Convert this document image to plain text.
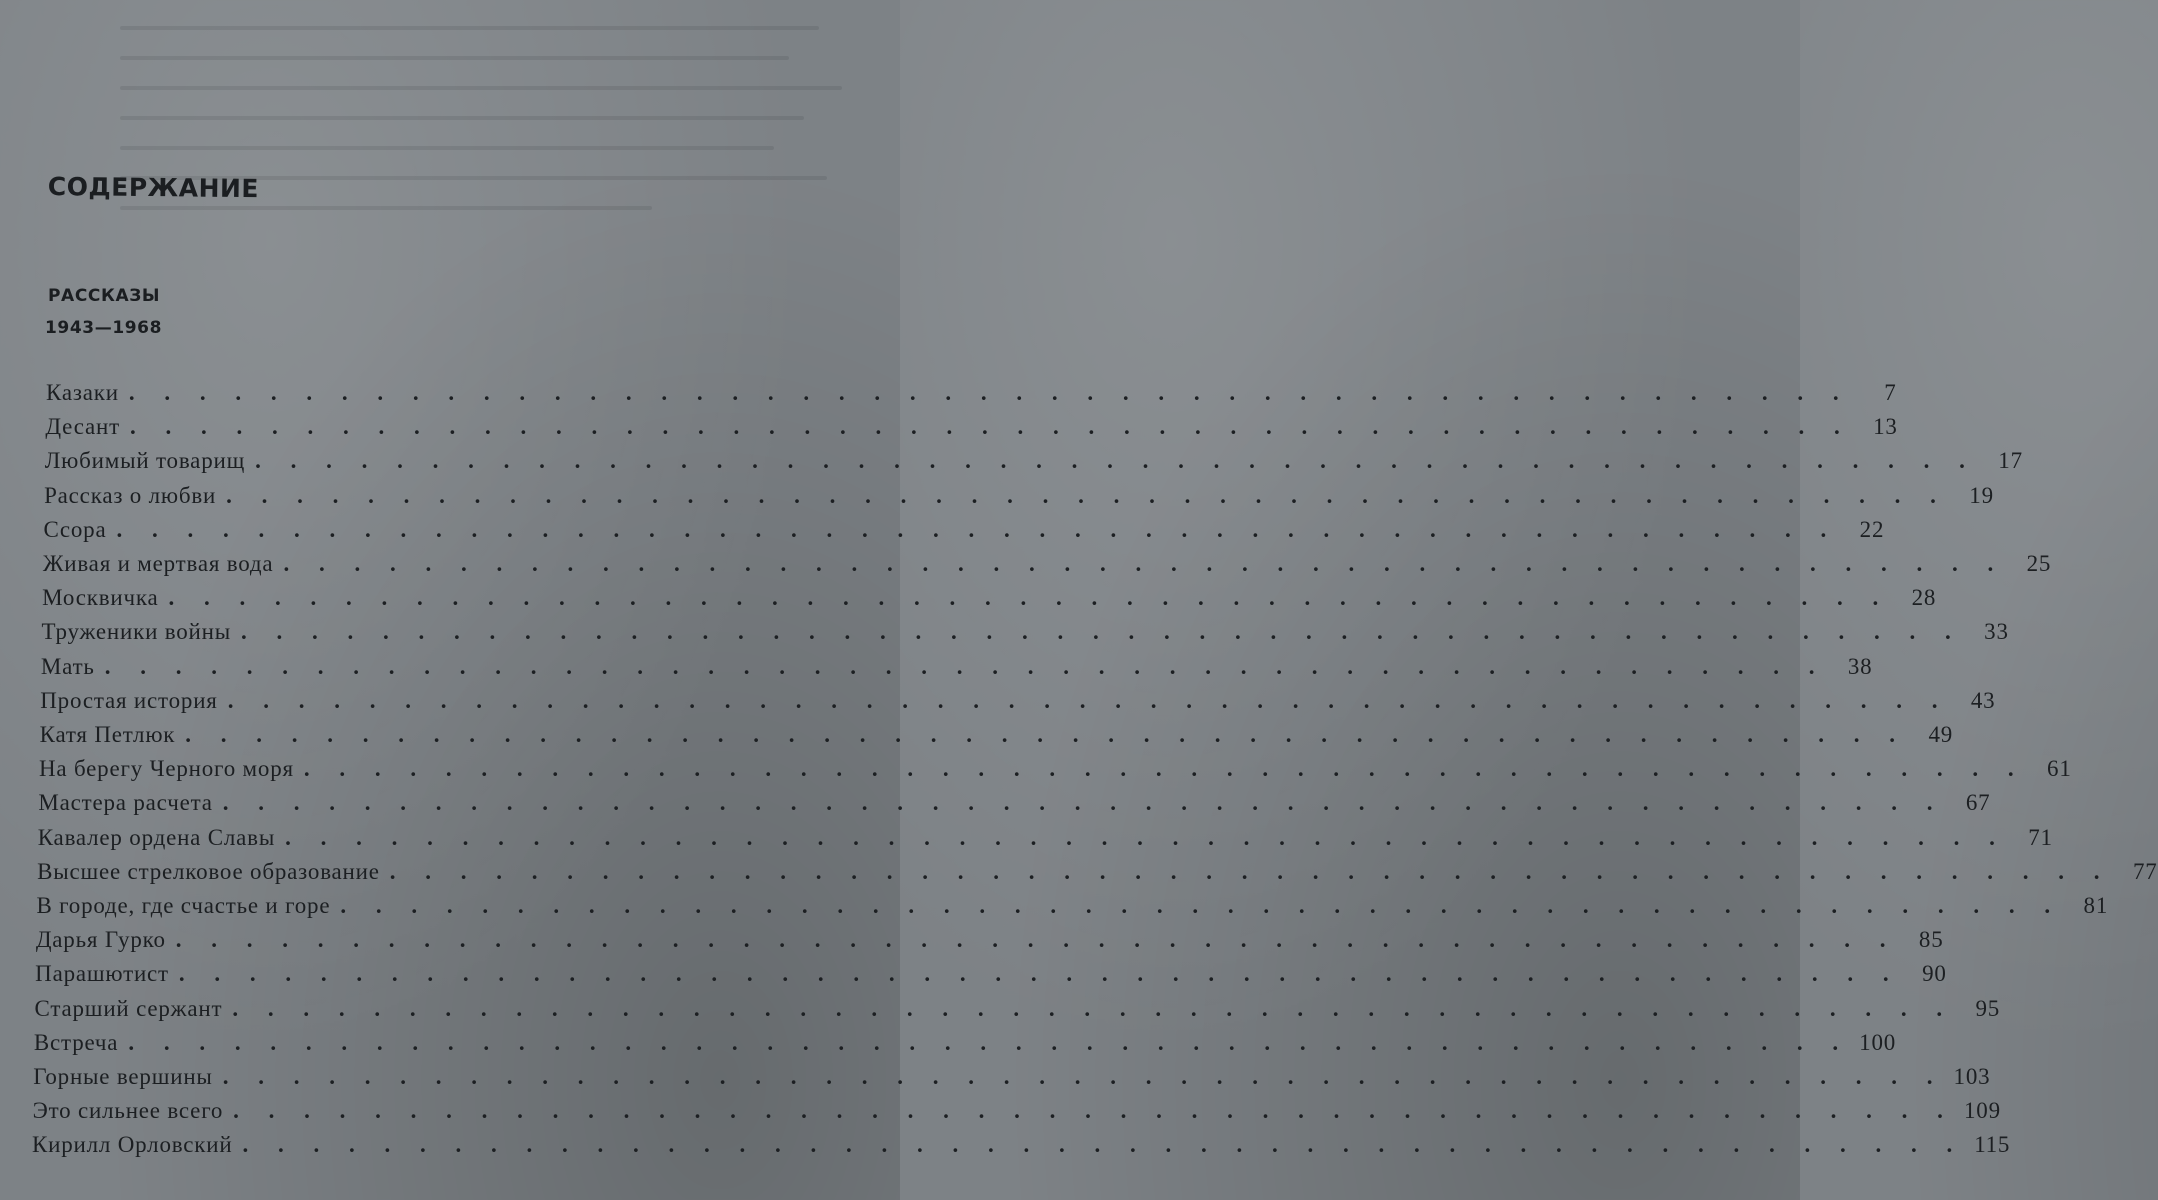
СОДЕРЖАНИЕ
РАССКАЗЫ
1943—1968
Казаки . . . . . . . . . . . . . . . . . . . . . . . . . . . . . . . . . . . . . . . . . . . . . . . . .	7
Десант . . . . . . . . . . . . . . . . . . . . . . . . . . . . . . . . . . . . . . . . . . . . . . . . . 13
Любимый товарищ . . . . . . . . . . . . . . . . . . . . . . . . . . . . . . . . . . . . . . . . . . . . . . . . . 17
Рассказ о любви . . . . . . . . . . . . . . . . . . . . . . . . . . . . . . . . . . . . . . . . . . . . . . . . . 19
Ссора . . . . . . . . . . . . . . . . . . . . . . . . . . . . . . . . . . . . . . . . . . . . . . . . . 22
Живая и мертвая вода . . . . . . . . . . . . . . . . . . . . . . . . . . . . . . . . . . . . . . . . . . . . . . . . . 25
Москвичка . . . . . . . . . . . . . . . . . . . . . . . . . . . . . . . . . . . . . . . . . . . . . . . . . 28
Труженики войны . . . . . . . . . . . . . . . . . . . . . . . . . . . . . . . . . . . . . . . . . . . . . . . . . 33
Мать . . . . . . . . . . . . . . . . . . . . . . . . . . . . . . . . . . . . . . . . . . . . . . . . . 38
Простая история . . . . . . . . . . . . . . . . . . . . . . . . . . . . . . . . . . . . . . . . . . . . . . . . . 43
Катя Петлюк . . . . . . . . . . . . . . . . . . . . . . . . . . . . . . . . . . . . . . . . . . . . . . . . . 49
На берегу Черного моря . . . . . . . . . . . . . . . . . . . . . . . . . . . . . . . . . . . . . . . . . . . . . . . . . 61
Мастера расчета . . . . . . . . . . . . . . . . . . . . . . . . . . . . . . . . . . . . . . . . . . . . . . . . . 67
Кавалер ордена Славы . . . . . . . . . . . . . . . . . . . . . . . . . . . . . . . . . . . . . . . . . . . . . . . . . 71
Высшее стрелковое образование . . . . . . . . . . . . . . . . . . . . . . . . . . . . . . . . . . . . . . . . . . . . . . . . . 77
В городе, где счастье и горе . . . . . . . . . . . . . . . . . . . . . . . . . . . . . . . . . . . . . . . . . . . . . . . . . 81
Дарья Гурко . . . . . . . . . . . . . . . . . . . . . . . . . . . . . . . . . . . . . . . . . . . . . . . . . 85
Парашютист . . . . . . . . . . . . . . . . . . . . . . . . . . . . . . . . . . . . . . . . . . . . . . . . . 90
Старший сержант . . . . . . . . . . . . . . . . . . . . . . . . . . . . . . . . . . . . . . . . . . . . . . . . . 95
Встреча . . . . . . . . . . . . . . . . . . . . . . . . . . . . . . . . . . . . . . . . . . . . . . . . . 100
Горные вершины . . . . . . . . . . . . . . . . . . . . . . . . . . . . . . . . . . . . . . . . . . . . . . . . . 103
Это сильнее всего . . . . . . . . . . . . . . . . . . . . . . . . . . . . . . . . . . . . . . . . . . . . . . . . . 109
Кирилл Орловский . . . . . . . . . . . . . . . . . . . . . . . . . . . . . . . . . . . . . . . . . . . . . . . . . 115
